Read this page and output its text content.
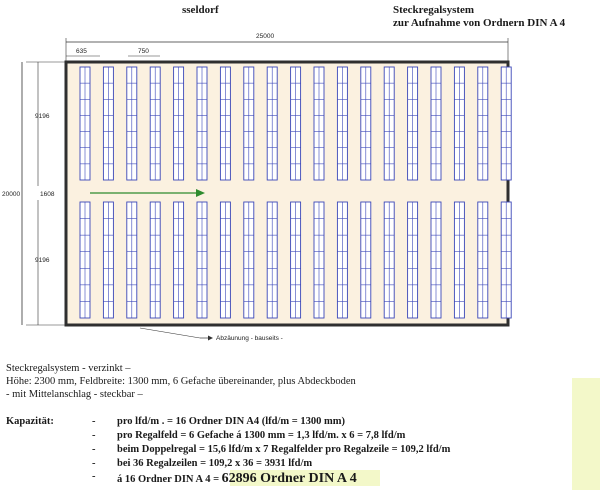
sseldorf	Steckregalsystem
zur Aufnahme von Ordnern DIN A 4
25000
635	750
20000
9196
1608
9196
Abzäunung - bauseits -
Steckregalsystem - verzinkt –
Höhe: 2300 mm, Feldbreite: 1300 mm, 6 Gefache übereinander, plus Abdeckboden
- mit Mittelanschlag - steckbar –
Kapazität:	- pro lfd/m . = 16 Ordner DIN A4 (lfd/m = 1300 mm)
- pro Regalfeld = 6 Gefache á 1300 mm = 1,3 lfd/m. x 6 = 7,8 lfd/m
- beim Doppelregal = 15,6 lfd/m x 7 Regalfelder pro Regalzeile = 109,2 lfd/m
- bei 36 Regalzeilen = 109,2 x 36 = 3931 lfd/m
- á 16 Ordner DIN A 4 = 62896 Ordner DIN A 4
